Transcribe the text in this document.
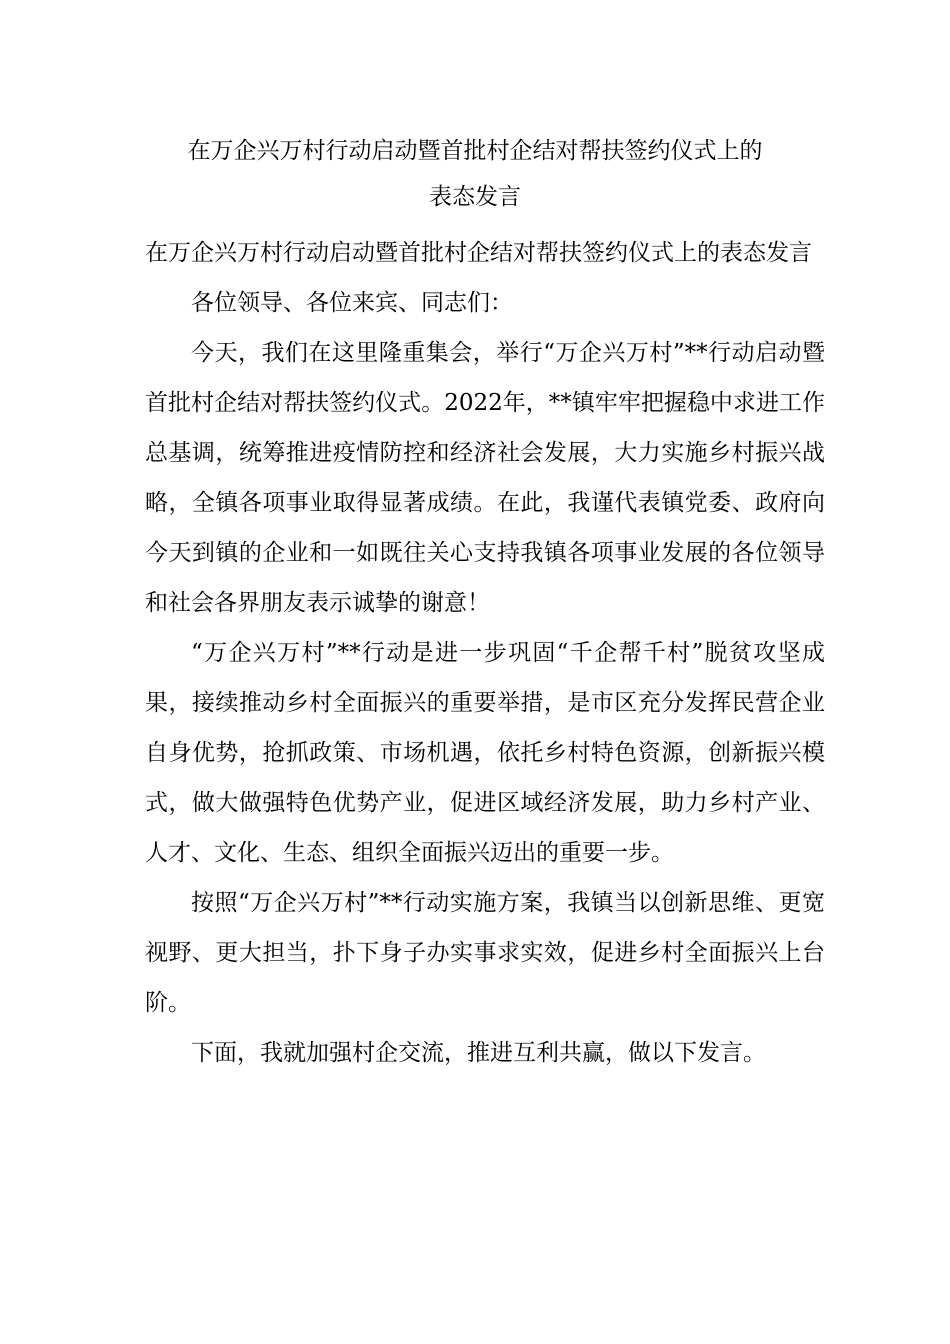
在万企兴万村行动启动暨首批村企结对帮扶签约仪式上的
表态发言

在万企兴万村行动启动暨首批村企结对帮扶签约仪式上的表态发言

各位领导、各位来宾、同志们：

今天，我们在这里隆重集会，举行“万企兴万村”**行动启动暨首批村企结对帮扶签约仪式。2022年，**镇牢牢把握稳中求进工作总基调，统筹推进疫情防控和经济社会发展，大力实施乡村振兴战略，全镇各项事业取得显著成绩。在此，我谨代表镇党委、政府向今天到镇的企业和一如既往关心支持我镇各项事业发展的各位领导和社会各界朋友表示诚挚的谢意！

“万企兴万村”**行动是进一步巩固“千企帮千村”脱贫攻坚成果，接续推动乡村全面振兴的重要举措，是市区充分发挥民营企业自身优势，抢抓政策、市场机遇，依托乡村特色资源，创新振兴模式，做大做强特色优势产业，促进区域经济发展，助力乡村产业、人才、文化、生态、组织全面振兴迈出的重要一步。

按照“万企兴万村”**行动实施方案，我镇当以创新思维、更宽视野、更大担当，扑下身子办实事求实效，促进乡村全面振兴上台阶。

下面，我就加强村企交流，推进互利共赢，做以下发言。
